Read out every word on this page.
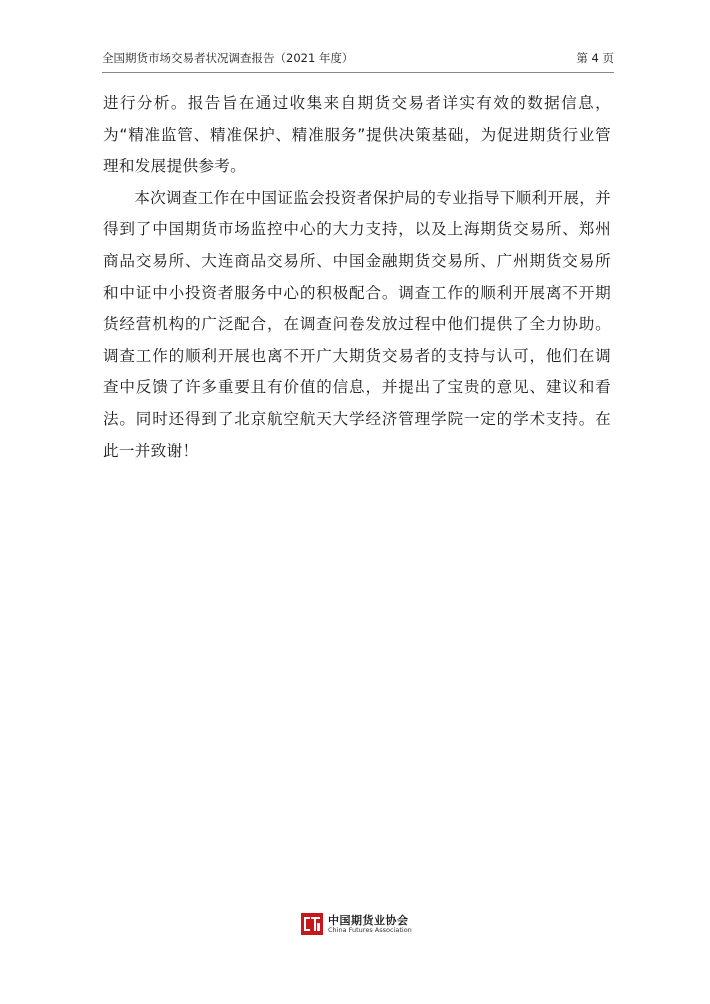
全国期货市场交易者状况调查报告（2021 年度）	第 4 页

进行分析。报告旨在通过收集来自期货交易者详实有效的数据信息，为“精准监管、精准保护、精准服务”提供决策基础，为促进期货行业管理和发展提供参考。

本次调查工作在中国证监会投资者保护局的专业指导下顺利开展，并得到了中国期货市场监控中心的大力支持，以及上海期货交易所、郑州商品交易所、大连商品交易所、中国金融期货交易所、广州期货交易所和中证中小投资者服务中心的积极配合。调查工作的顺利开展离不开期货经营机构的广泛配合，在调查问卷发放过程中他们提供了全力协助。调查工作的顺利开展也离不开广大期货交易者的支持与认可，他们在调查中反馈了许多重要且有价值的信息，并提出了宝贵的意见、建议和看法。同时还得到了北京航空航天大学经济管理学院一定的学术支持。在此一并致谢！

中国期货业协会
China Futures Association
